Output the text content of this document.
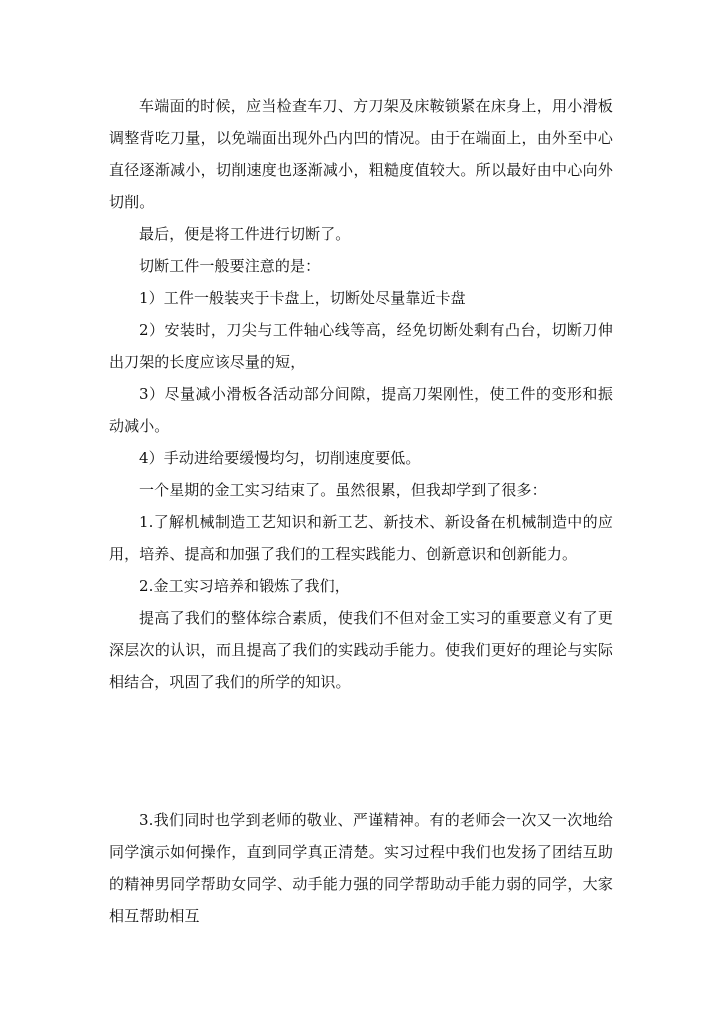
车端面的时候，应当检查车刀、方刀架及床鞍锁紧在床身上，用小滑板调整背吃刀量，以免端面出现外凸内凹的情况。由于在端面上，由外至中心直径逐渐减小，切削速度也逐渐减小，粗糙度值较大。所以最好由中心向外切削。

最后，便是将工件进行切断了。

切断工件一般要注意的是：

1）工件一般装夹于卡盘上，切断处尽量靠近卡盘

2）安装时，刀尖与工件轴心线等高，经免切断处剩有凸台，切断刀伸出刀架的长度应该尽量的短，

3）尽量减小滑板各活动部分间隙，提高刀架刚性，使工件的变形和振动减小。

4）手动进给要缓慢均匀，切削速度要低。

一个星期的金工实习结束了。虽然很累，但我却学到了很多：

1.了解机械制造工艺知识和新工艺、新技术、新设备在机械制造中的应用，培养、提高和加强了我们的工程实践能力、创新意识和创新能力。

2.金工实习培养和锻炼了我们，

提高了我们的整体综合素质，使我们不但对金工实习的重要意义有了更深层次的认识，而且提高了我们的实践动手能力。使我们更好的理论与实际相结合，巩固了我们的所学的知识。

3.我们同时也学到老师的敬业、严谨精神。有的老师会一次又一次地给同学演示如何操作，直到同学真正清楚。实习过程中我们也发扬了团结互助的精神男同学帮助女同学、动手能力强的同学帮助动手能力弱的同学，大家相互帮助相互
